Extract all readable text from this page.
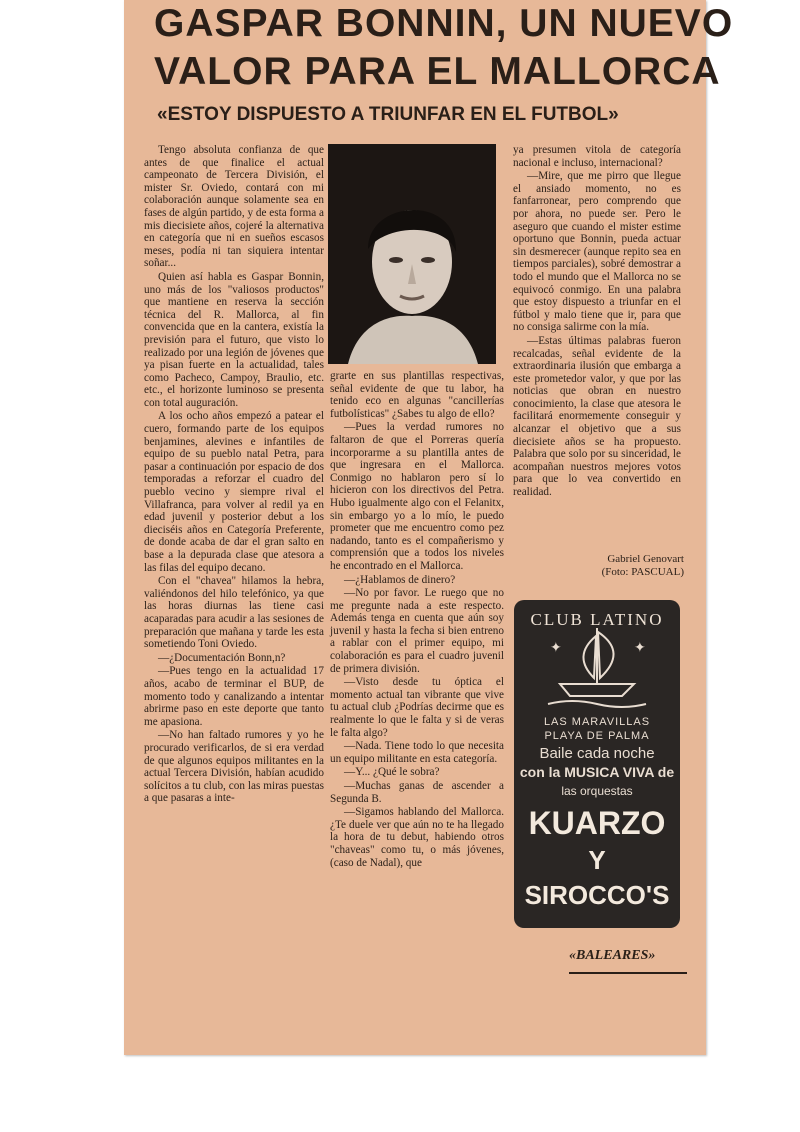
GASPAR BONNIN, UN NUEVO
VALOR PARA EL MALLORCA
«ESTOY DISPUESTO A TRIUNFAR EN EL FUTBOL»

Tengo absoluta confianza de que antes de que finalice el actual campeonato de Tercera División, el mister Sr. Oviedo, contará con mi colaboración aunque solamente sea en fases de algún partido, y de esta forma a mis diecisiete años, cojeré la alternativa en categoría que ni en sueños escasos meses, podía ni tan siquiera intentar soñar...

Quien así habla es Gaspar Bonnin, uno más de los "valiosos productos" que mantiene en reserva la sección técnica del R. Mallorca, al fin convencida que en la cantera, existía la previsión para el futuro, que visto lo realizado por una legión de jóvenes que ya pisan fuerte en la actualidad, tales como Pacheco, Campoy, Braulio, etc. etc., el horizonte luminoso se presenta con total auguración.

A los ocho años empezó a patear el cuero, formando parte de los equipos benjamines, alevines e infantiles de equipo de su pueblo natal Petra, para pasar a continuación por espacio de dos temporadas a reforzar el cuadro del pueblo vecino y siempre rival el Villafranca, para volver al redil ya en edad juvenil y posterior debut a los dieciséis años en Categoría Preferente, de donde acaba de dar el gran salto en base a la depurada clase que atesora a las filas del equipo decano.

Con el "chavea" hilamos la hebra, valiéndonos del hilo telefónico, ya que las horas diurnas las tiene casi acaparadas para acudir a las sesiones de preparación que mañana y tarde les esta sometiendo Toni Oviedo.

—¿Documentación Bonn,n?

—Pues tengo en la actualidad 17 años, acabo de terminar el BUP, de momento todo y canalizando a intentar abrirme paso en este deporte que tanto me apasiona.

—No han faltado rumores y yo he procurado verificarlos, de si era verdad de que algunos equipos militantes en la actual Tercera División, habían acudido solícitos a tu club, con las miras puestas a que pasaras a inte-

grarte en sus plantillas respectivas, señal evidente de que tu labor, ha tenido eco en algunas "cancillerías futbolísticas" ¿Sabes tu algo de ello?

—Pues la verdad rumores no faltaron de que el Porreras quería incorporarme a su plantilla antes de que ingresara en el Mallorca. Conmigo no hablaron pero sí lo hicieron con los directivos del Petra. Hubo igualmente algo con el Felanitx, sin embargo yo a lo mío, le puedo prometer que me encuentro como pez nadando, tanto es el compañerismo y comprensión que a todos los niveles he encontrado en el Mallorca.

—¿Hablamos de dinero?

—No por favor. Le ruego que no me pregunte nada a este respecto. Además tenga en cuenta que aún soy juvenil y hasta la fecha si bien entreno a rablar con el primer equipo, mi colaboración es para el cuadro juvenil de primera división.

—Visto desde tu óptica el momento actual tan vibrante que vive tu actual club ¿Podrías decirme que es realmente lo que le falta y si de veras le falta algo?

—Nada. Tiene todo lo que necesita un equipo militante en esta categoría.

—Y... ¿Qué le sobra?

—Muchas ganas de ascender a Segunda B.

—Sigamos hablando del Mallorca. ¿Te duele ver que aún no te ha llegado la hora de tu debut, habiendo otros "chaveas" como tu, o más jóvenes, (caso de Nadal), que

ya presumen vitola de categoría nacional e incluso, internacional?

—Mire, que me pirro que llegue el ansiado momento, no es fanfarronear, pero comprendo que por ahora, no puede ser. Pero le aseguro que cuando el mister estime oportuno que Bonnin, pueda actuar sin desmerecer (aunque repito sea en tiempos parciales), sobré demostrar a todo el mundo que el Mallorca no se equivocó conmigo. En una palabra que estoy dispuesto a triunfar en el fútbol y malo tiene que ir, para que no consiga salirme con la mía.

—Estas últimas palabras fueron recalcadas, señal evidente de la extraordinaria ilusión que embarga a este prometedor valor, y que por las noticias que obran en nuestro conocimiento, la clase que atesora le facilitará enormemente conseguir y alcanzar el objetivo que a sus diecisiete años se ha propuesto. Palabra que solo por su sinceridad, le acompañan nuestros mejores votos para que lo vea convertido en realidad.

Gabriel Genovart
(Foto: PASCUAL)
CLUB LATINO
✦	✦
LAS MARAVILLAS
PLAYA DE PALMA
Baile cada noche
con la MUSICA VIVA de
las orquestas
KUARZO
Y
SIROCCO'S
«BALEARES»
